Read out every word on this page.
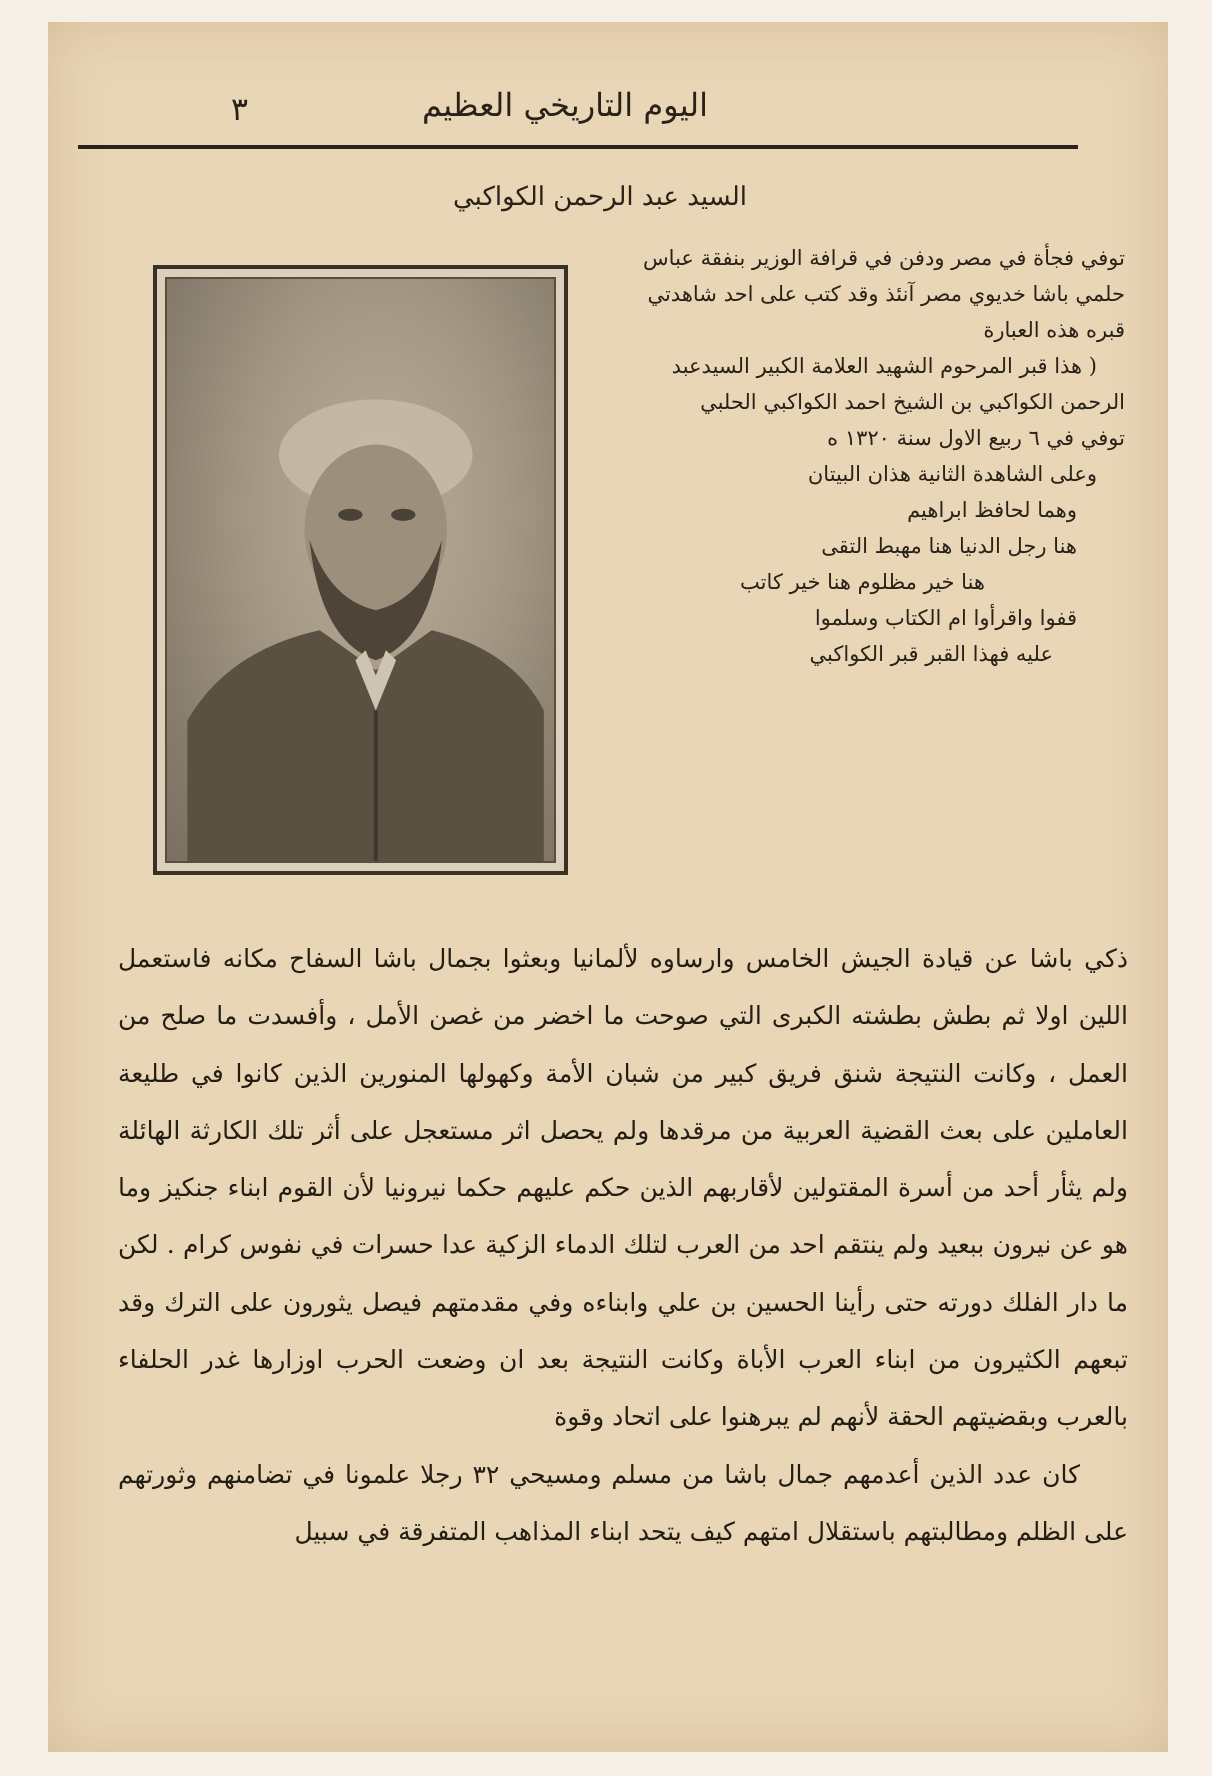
٣	اليوم التاريخي العظيم
السيد عبد الرحمن الكواكبي

توفي فجأة في مصر ودفن في قرافة الوزير بنفقة عباس

حلمي باشا خديوي مصر آنئذ وقد كتب على احد شاهدتي

قبره هذه العبارة

( هذا قبر المرحوم الشهيد العلامة الكبير السيدعبد

الرحمن الكواكبي بن الشيخ احمد الكواكبي الحلبي

توفي في ٦ ربيع الاول سنة ١٣٢٠ ه

وعلى الشاهدة الثانية هذان البيتان

وهما لحافظ ابراهيم

هنا رجل الدنيا هنا مهبط التقى

هنا خير مظلوم هنا خير كاتب

قفوا واقرأوا ام الكتاب وسلموا

عليه فهذا القبر قبر الكواكبي

ذكي باشا عن قيادة الجيش الخامس وارساوه لألمانيا وبعثوا بجمال باشا السفاح مكانه فاستعمل اللين اولا ثم بطش بطشته الكبرى التي صوحت ما اخضر من غصن الأمل ، وأفسدت ما صلح من العمل ، وكانت النتيجة شنق فريق كبير من شبان الأمة وكهولها المنورين الذين كانوا في طليعة العاملين على بعث القضية العربية من مرقدها ولم يحصل اثر مستعجل على أثر تلك الكارثة الهائلة ولم يثأر أحد من أسرة المقتولين لأقاربهم الذين حكم عليهم حكما نيرونيا لأن القوم ابناء جنكيز وما هو عن نيرون ببعيد ولم ينتقم احد من العرب لتلك الدماء الزكية عدا حسرات في نفوس كرام . لكن ما دار الفلك دورته حتى رأينا الحسين بن علي وابناءه وفي مقدمتهم فيصل يثورون على الترك وقد تبعهم الكثيرون من ابناء العرب الأباة وكانت النتيجة بعد ان وضعت الحرب اوزارها غدر الحلفاء بالعرب وبقضيتهم الحقة لأنهم لم يبرهنوا على اتحاد وقوة

كان عدد الذين أعدمهم جمال باشا من مسلم ومسيحي ٣٢ رجلا علمونا في تضامنهم وثورتهم على الظلم ومطالبتهم باستقلال امتهم كيف يتحد ابناء المذاهب المتفرقة في سبيل
